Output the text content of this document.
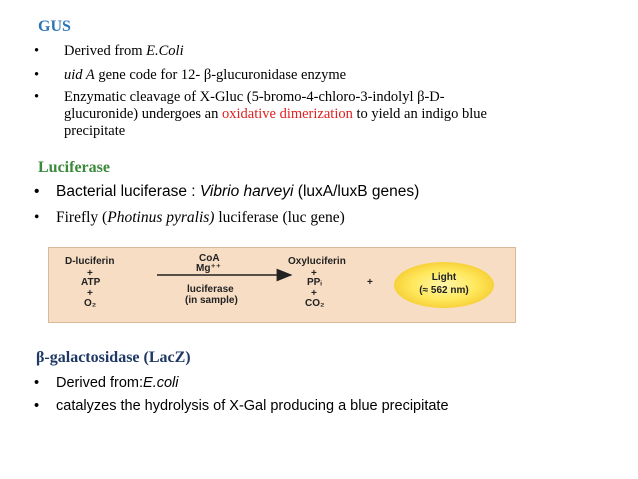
GUS
• Derived from E.Coli
• uid A gene code for 12- β-glucuronidase enzyme
• Enzymatic cleavage of X-Gluc (5-bromo-4-chloro-3-indolyl β-D-
glucuronide) undergoes an oxidative dimerization to yield an indigo blue
precipitate
Luciferase
• Bacterial luciferase : Vibrio harveyi (luxA/luxB genes)
• Firefly (Photinus pyralis) luciferase (luc gene)
D-luciferin
+
ATP
+
O₂
CoA
Mg⁺⁺
luciferase
(in sample)
Oxyluciferin
+
PPᵢ
+
CO₂
+	Light
(≈ 562 nm)
β-galactosidase (LacZ)
• Derived from:E.coli
• catalyzes the hydrolysis of X-Gal producing a blue precipitate
